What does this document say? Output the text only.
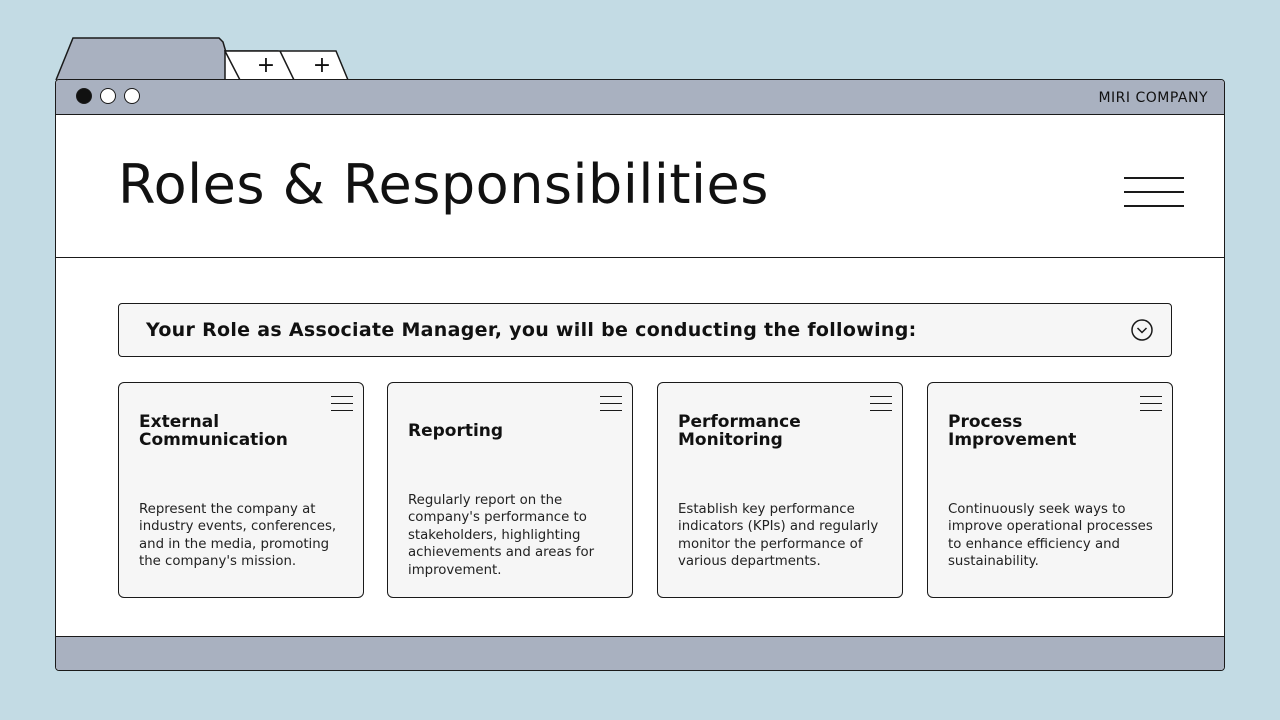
+	+
MIRI COMPANY
Roles & Responsibilities
Your Role as Associate Manager, you will be conducting the following:
External
Communication
Represent the company at industry events, conferences, and in the media, promoting the company's mission.
Reporting
Regularly report on the company's performance to stakeholders, highlighting achievements and areas for improvement.
Performance
Monitoring
Establish key performance indicators (KPIs) and regularly monitor the performance of various departments.
Process
Improvement
Continuously seek ways to improve operational processes to enhance efficiency and sustainability.
